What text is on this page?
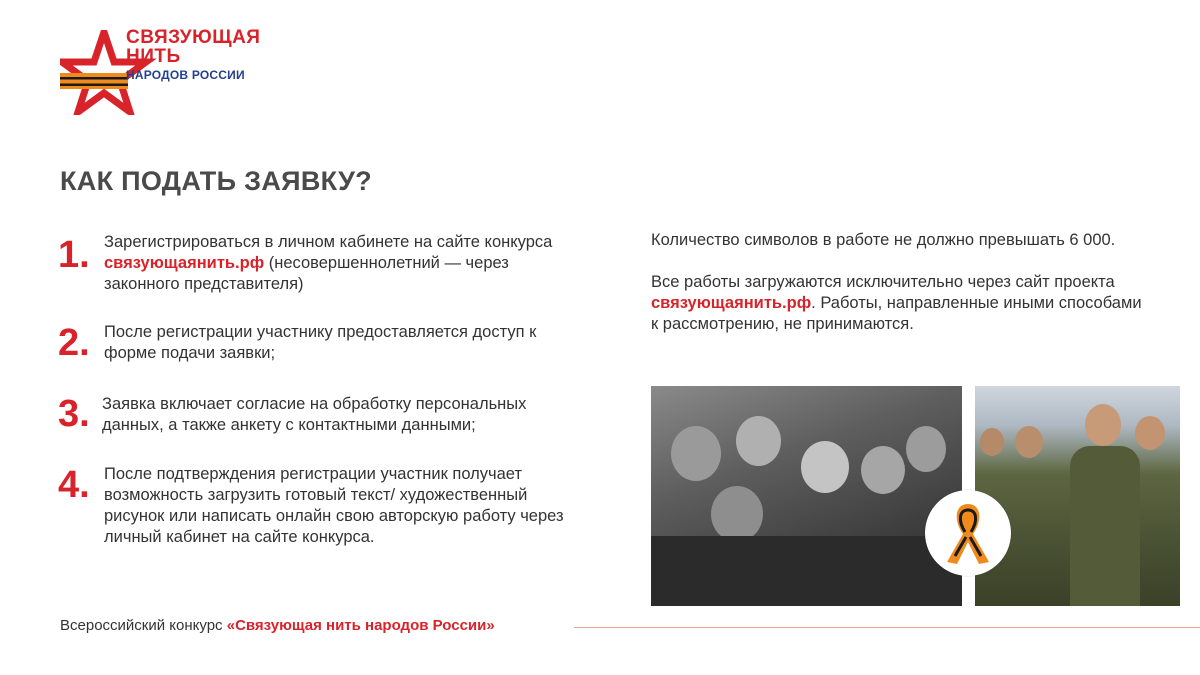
СВЯЗУЮЩАЯ
НИТЬ
НАРОДОВ РОССИИ
КАК ПОДАТЬ ЗАЯВКУ?
1. Зарегистрироваться в личном кабинете на сайте конкурса связующаянить.рф (несовершеннолетний — через законного представителя)
2. После регистрации участнику предоставляется доступ к форме подачи заявки;
3. Заявка включает согласие на обработку персональных данных, а также анкету с контактными данными;
4. После подтверждения регистрации участник получает возможность загрузить готовый текст/ художественный рисунок или написать онлайн свою авторскую работу через личный кабинет на сайте конкурса.
Количество символов в работе не должно превышать 6 000.
Все работы загружаются исключительно через сайт проекта связующаянить.рф. Работы, направленные иными способами к рассмотрению, не принимаются.
Всероссийский конкурс «Связующая нить народов России»
